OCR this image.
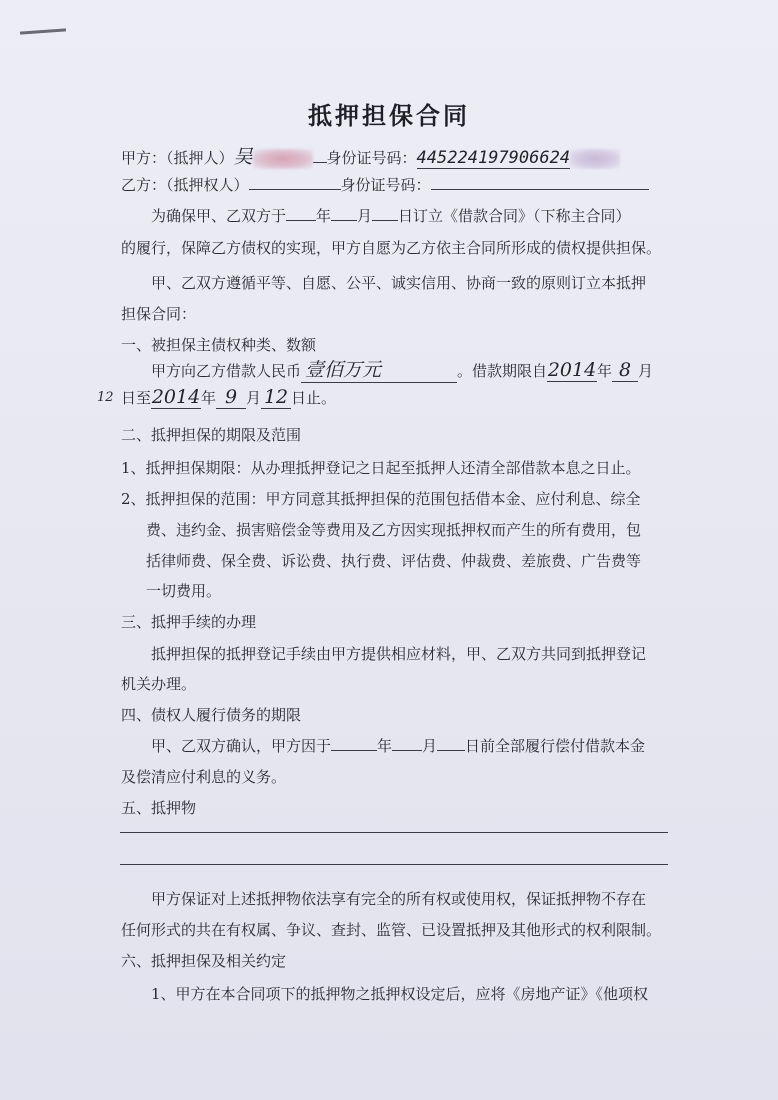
抵押担保合同
甲方：（抵押人）吴	身份证号码：445224197906624
乙方：（抵押权人）	身份证号码：
为确保甲、乙双方于 年 月 日订立《借款合同》（下称主合同）
的履行，保障乙方债权的实现，甲方自愿为乙方依主合同所形成的债权提供担保。
甲、乙双方遵循平等、自愿、公平、诚实信用、协商一致的原则订立本抵押
担保合同：
一、被担保主债权种类、数额
甲方向乙方借款人民币 壹佰万元	。借款期限自2014年 8 月
12 日至2014年 9 月 12 日止。
二、抵押担保的期限及范围
1、抵押担保期限：从办理抵押登记之日起至抵押人还清全部借款本息之日止。
2、抵押担保的范围：甲方同意其抵押担保的范围包括借本金、应付利息、综全
费、违约金、损害赔偿金等费用及乙方因实现抵押权而产生的所有费用，包
括律师费、保全费、诉讼费、执行费、评估费、仲裁费、差旅费、广告费等
一切费用。
三、抵押手续的办理
抵押担保的抵押登记手续由甲方提供相应材料，甲、乙双方共同到抵押登记
机关办理。
四、债权人履行债务的期限
甲、乙双方确认，甲方因于	年 月 日前全部履行偿付借款本金
及偿清应付利息的义务。
五、抵押物
甲方保证对上述抵押物依法享有完全的所有权或使用权，保证抵押物不存在
任何形式的共在有权属、争议、查封、监管、已设置抵押及其他形式的权利限制。
六、抵押担保及相关约定
1、甲方在本合同项下的抵押物之抵押权设定后，应将《房地产证》《他项权
